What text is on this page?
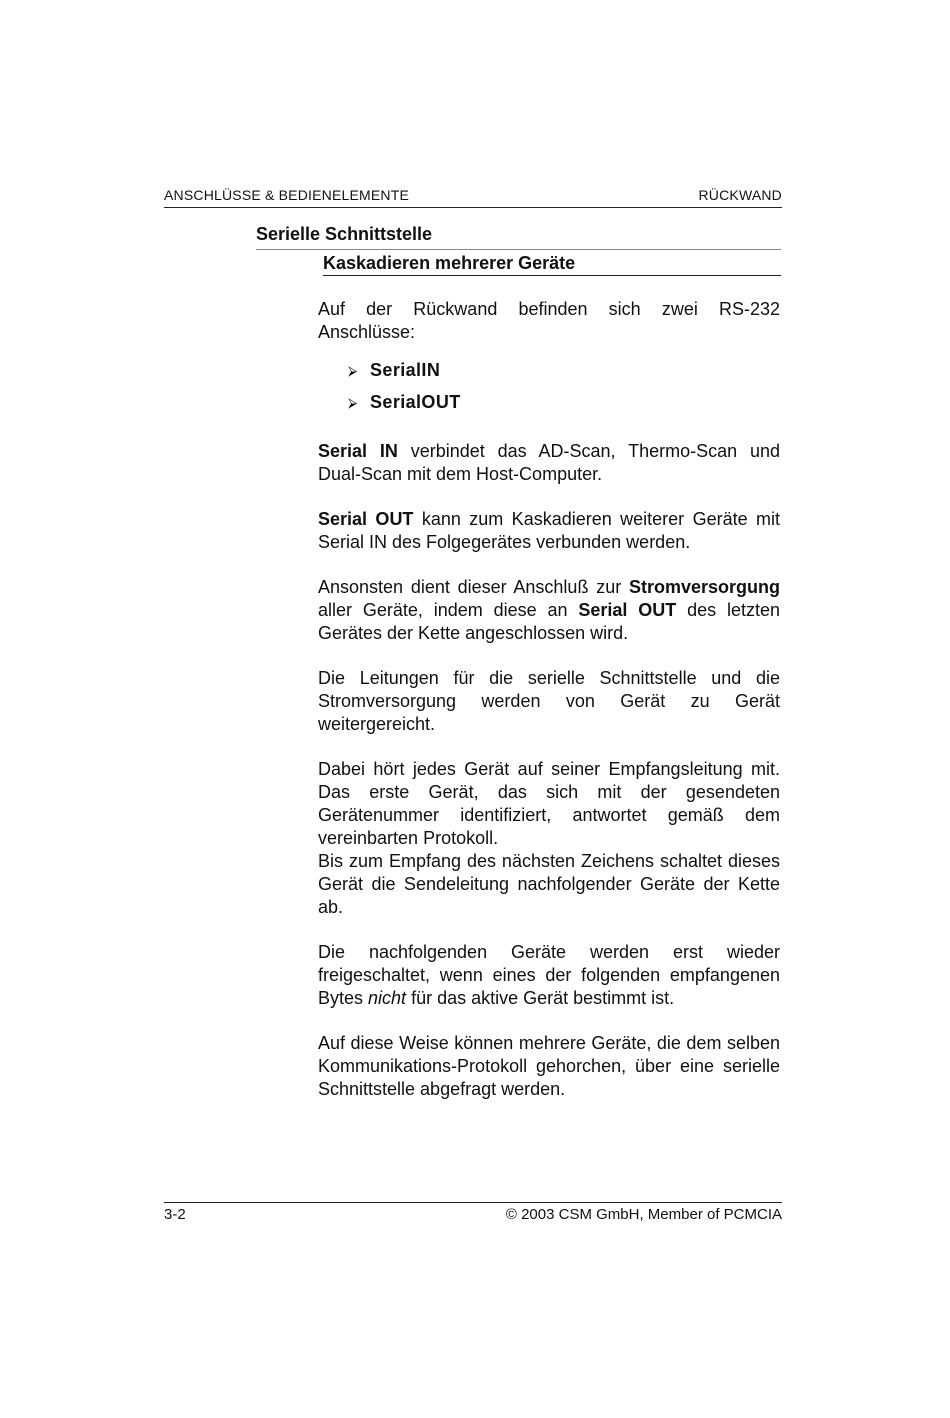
ANSCHLÜSSE & BEDIENELEMENTE	RÜCKWAND
Serielle Schnittstelle
Kaskadieren mehrerer Geräte

Auf der Rückwand befinden sich zwei RS-232 Anschlüsse:

⮚ SerialIN
⮚ SerialOUT

Serial IN verbindet das AD-Scan, Thermo-Scan und Dual-Scan mit dem Host-Computer.

Serial OUT kann zum Kaskadieren weiterer Geräte mit Serial IN des Folgegerätes verbunden werden.

Ansonsten dient dieser Anschluß zur Stromversorgung aller Geräte, indem diese an Serial OUT des letzten Gerätes der Kette angeschlossen wird.

Die Leitungen für die serielle Schnittstelle und die Stromversorgung werden von Gerät zu Gerät weitergereicht.

Dabei hört jedes Gerät auf seiner Empfangsleitung mit. Das erste Gerät, das sich mit der gesendeten Gerätenummer identifiziert, antwortet gemäß dem vereinbarten Protokoll.

Bis zum Empfang des nächsten Zeichens schaltet dieses Gerät die Sendeleitung nachfolgender Geräte der Kette ab.

Die nachfolgenden Geräte werden erst wieder freigeschaltet, wenn eines der folgenden empfangenen Bytes nicht für das aktive Gerät bestimmt ist.

Auf diese Weise können mehrere Geräte, die dem selben Kommunikations-Protokoll gehorchen, über eine serielle Schnittstelle abgefragt werden.

3-2	© 2003 CSM GmbH, Member of PCMCIA
